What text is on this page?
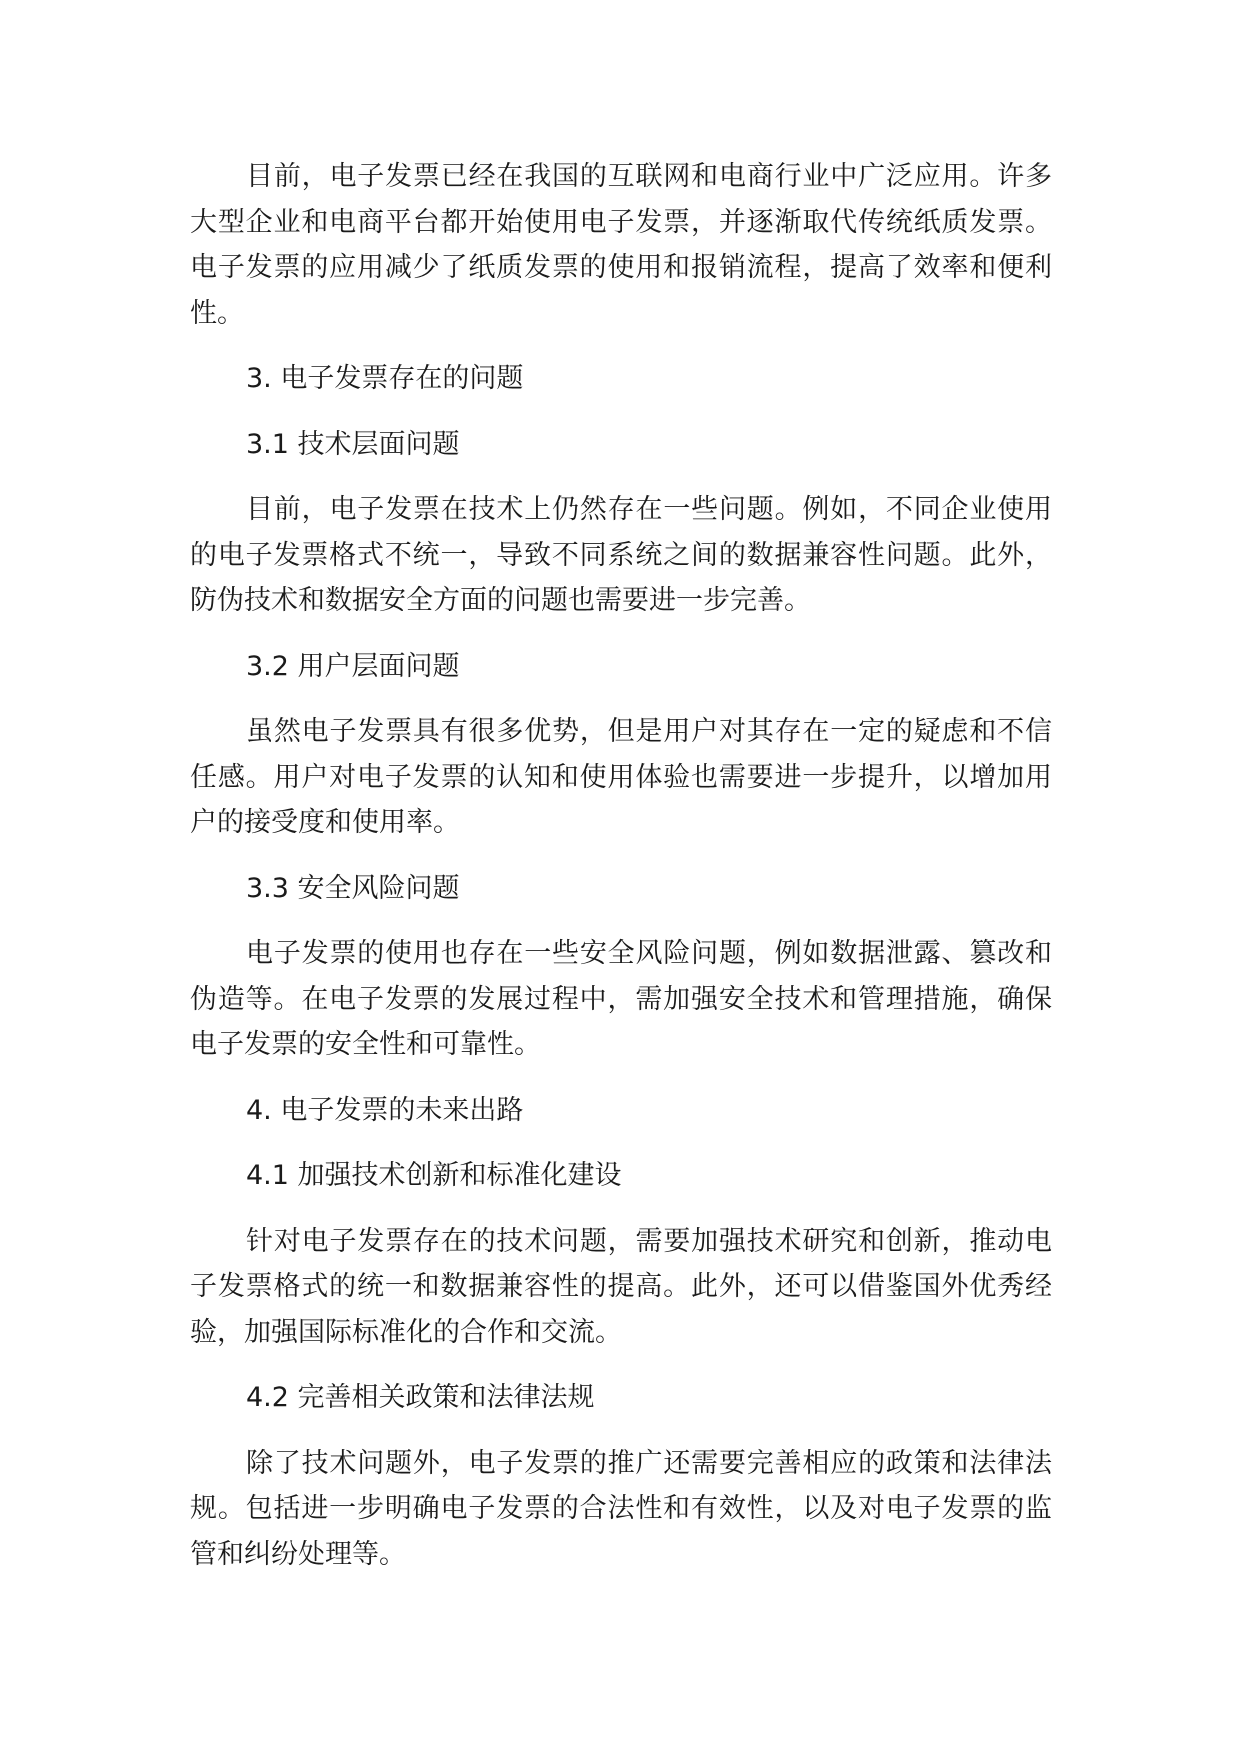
目前，电子发票已经在我国的互联网和电商行业中广泛应用。许多大型企业和电商平台都开始使用电子发票，并逐渐取代传统纸质发票。电子发票的应用减少了纸质发票的使用和报销流程，提高了效率和便利性。

3. 电子发票存在的问题

3.1 技术层面问题

目前，电子发票在技术上仍然存在一些问题。例如，不同企业使用的电子发票格式不统一，导致不同系统之间的数据兼容性问题。此外，防伪技术和数据安全方面的问题也需要进一步完善。

3.2 用户层面问题

虽然电子发票具有很多优势，但是用户对其存在一定的疑虑和不信任感。用户对电子发票的认知和使用体验也需要进一步提升，以增加用户的接受度和使用率。

3.3 安全风险问题

电子发票的使用也存在一些安全风险问题，例如数据泄露、篡改和伪造等。在电子发票的发展过程中，需加强安全技术和管理措施，确保电子发票的安全性和可靠性。

4. 电子发票的未来出路

4.1 加强技术创新和标准化建设

针对电子发票存在的技术问题，需要加强技术研究和创新，推动电子发票格式的统一和数据兼容性的提高。此外，还可以借鉴国外优秀经验，加强国际标准化的合作和交流。

4.2 完善相关政策和法律法规

除了技术问题外，电子发票的推广还需要完善相应的政策和法律法规。包括进一步明确电子发票的合法性和有效性，以及对电子发票的监管和纠纷处理等。
